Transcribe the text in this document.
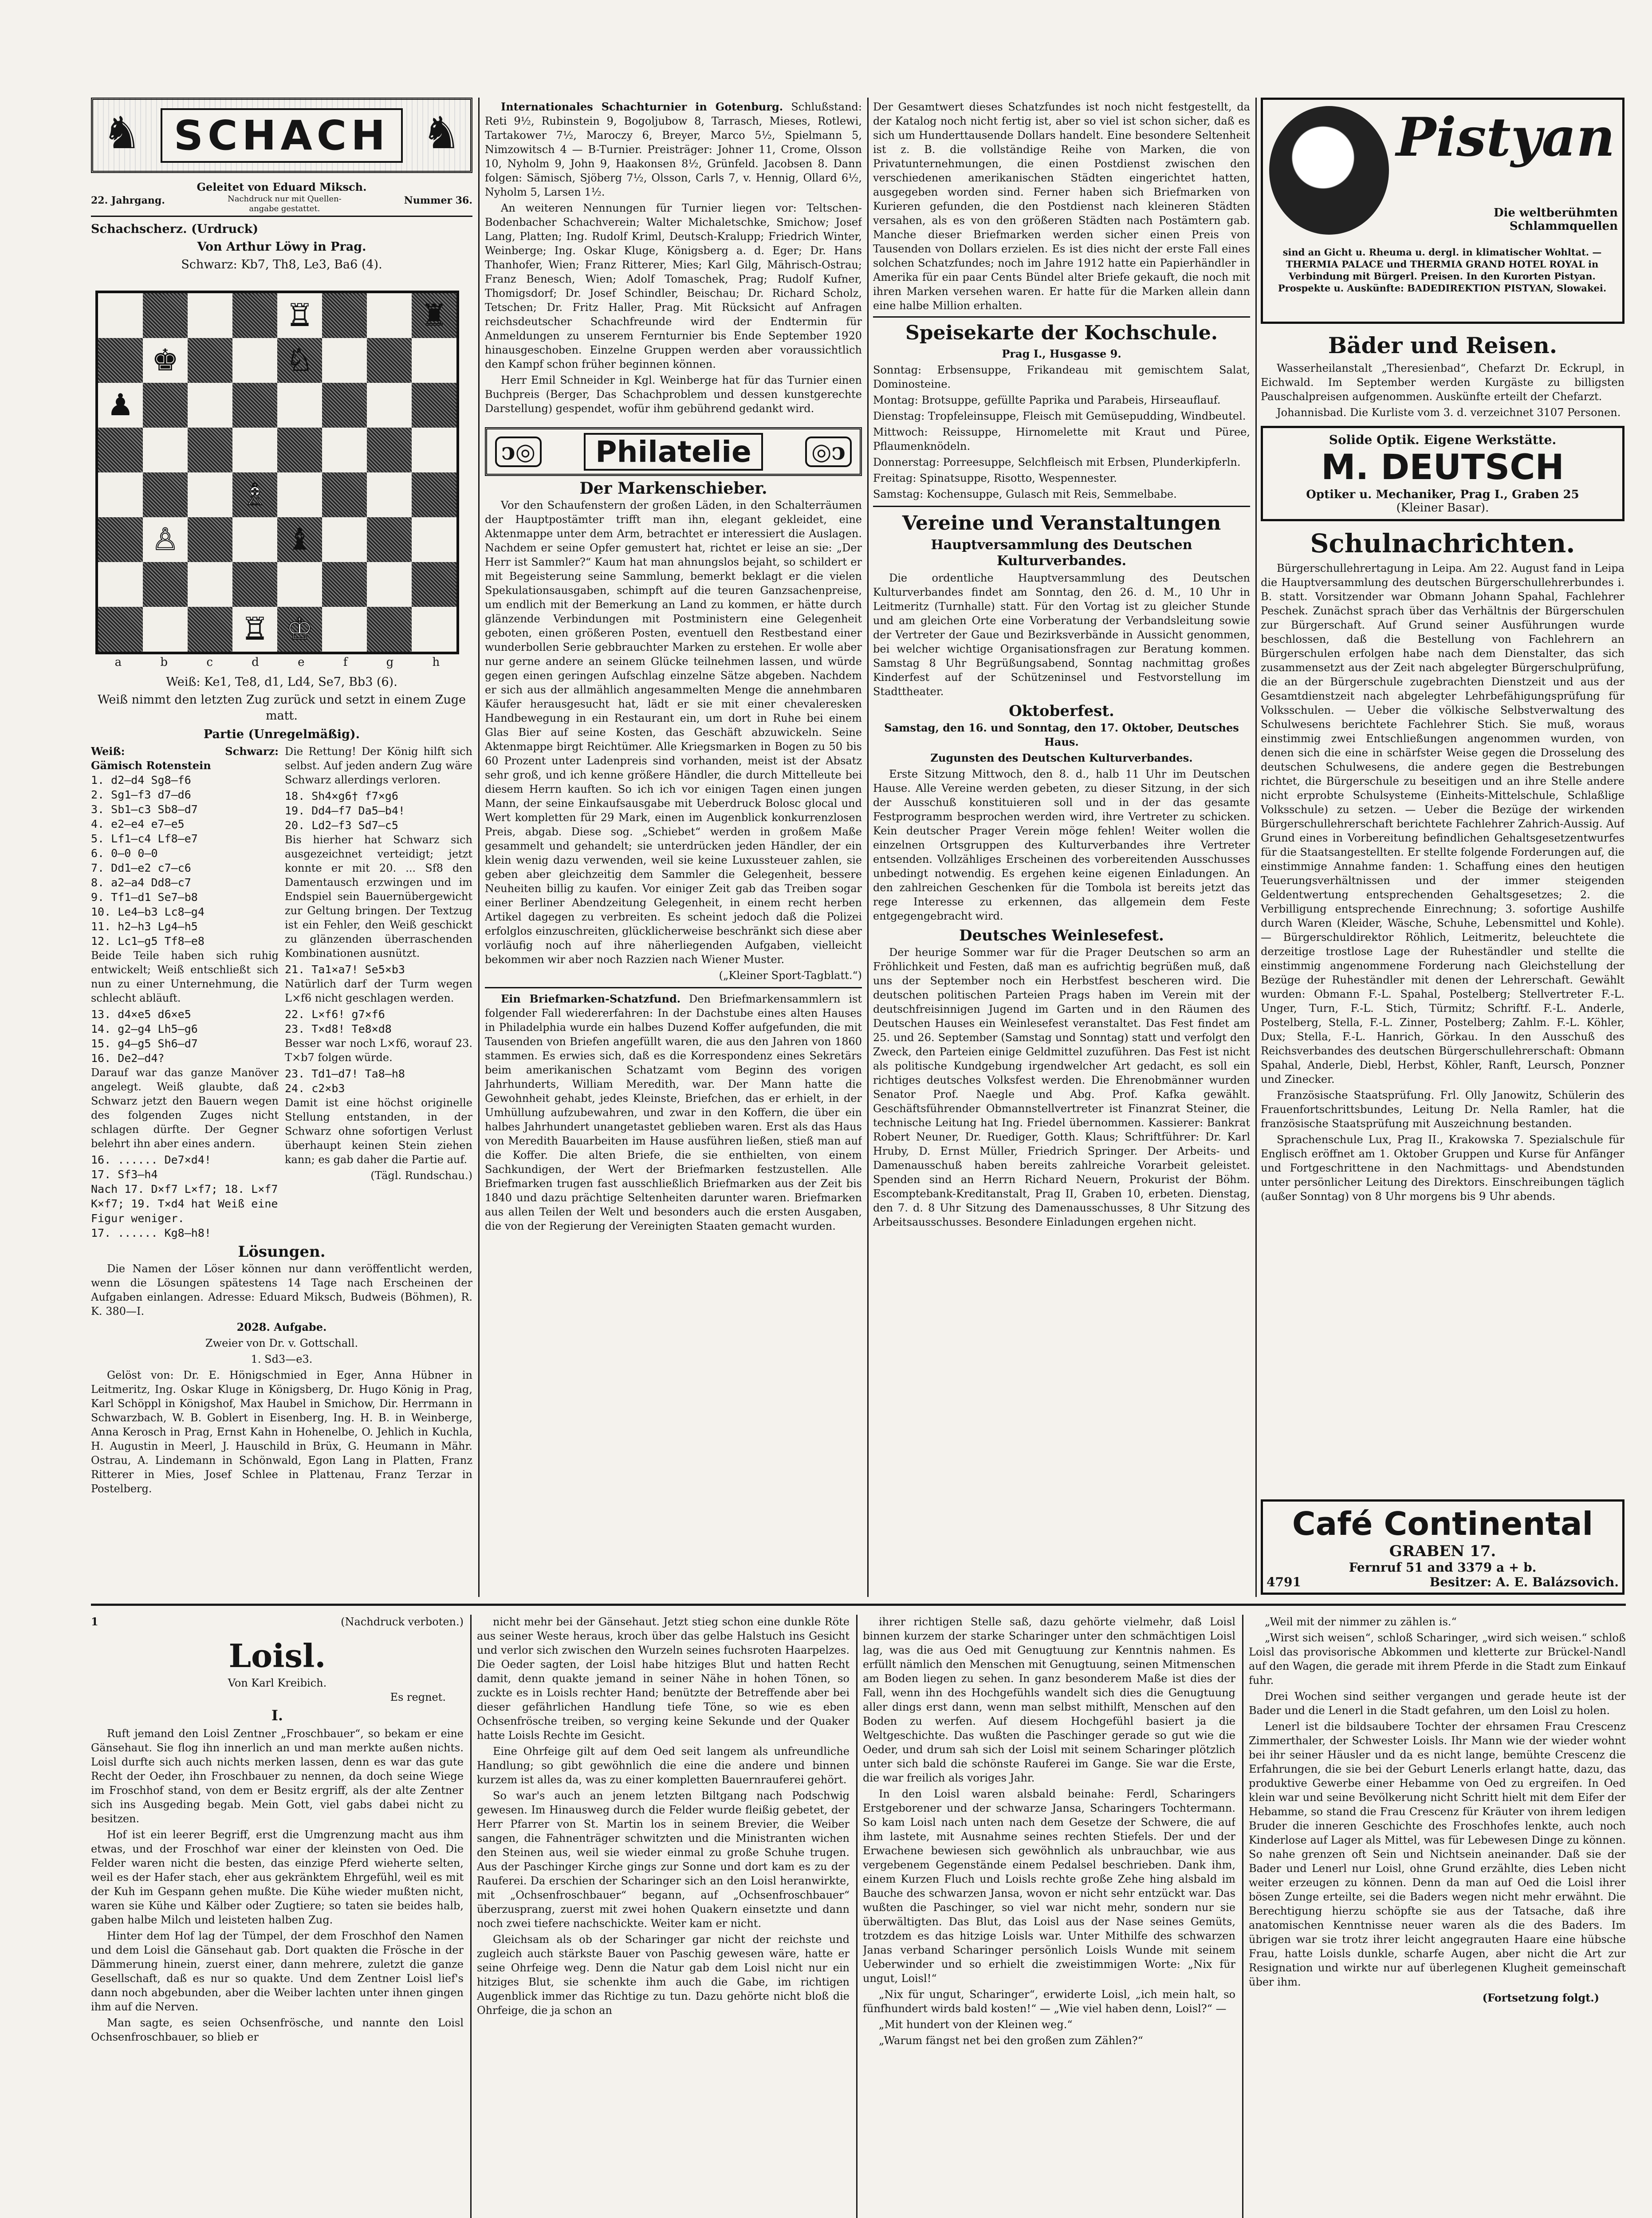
♞ SCHACH ♞
Geleitet von Eduard Miksch.
22. Jahrgang.	Nachdruck nur mit Quellen-angabe gestattet.
Nummer 36.
Schachscherz. (Urdruck)
Von Arthur Löwy in Prag.
Schwarz: Kb7, Th8, Le3, Ba6 (4).
♖	♜
♚	♘
♟
♗
♙	♝
♖ ♔
a	b	c	d	e	f	g	h
Weiß: Ke1, Te8, d1, Ld4, Se7, Bb3 (6).
Weiß nimmt den letzten Zug zurück und setzt in einem Zuge matt.
Partie (Unregelmäßig).
Weiß:	Schwarz:
Gämisch Rotenstein
1. d2—d4 Sg8—f6
2. Sg1—f3 d7—d6
3. Sb1—c3 Sb8—d7
4. e2—e4 e7—e5
5. Lf1—c4 Lf8—e7
6. 0—0 0—0
7. Dd1—e2 c7—c6
8. a2—a4 Dd8—c7
9. Tf1—d1 Se7—b8
10. Le4—b3 Lc8—g4
11. h2—h3 Lg4—h5
12. Lc1—g5 Tf8—e8
Beide Teile haben sich ruhig entwickelt; Weiß entschließt sich nun zu einer Unternehmung, die schlecht abläuft.
13. d4×e5 d6×e5
14. g2—g4 Lh5—g6
15. g4—g5 Sh6—d7
16. De2—d4?
Darauf war das ganze Manöver angelegt. Weiß glaubte, daß Schwarz jetzt den Bauern wegen des folgenden Zuges nicht schlagen dürfte. Der Gegner belehrt ihn aber eines andern.
16. ...... De7×d4!
17. Sf3—h4
Nach 17. D×f7 L×f7; 18. L×f7 K×f7; 19. T×d4 hat Weiß eine Figur weniger.
17. ...... Kg8—h8!
Die Rettung! Der König hilft sich selbst. Auf jeden andern Zug wäre Schwarz allerdings verloren.
18. Sh4×g6† f7×g6
19. Dd4—f7 Da5—b4!
20. Ld2—f3 Sd7—c5
Bis hierher hat Schwarz sich ausgezeichnet verteidigt; jetzt konnte er mit 20. ... Sf8 den Damentausch erzwingen und im Endspiel sein Bauernübergewicht zur Geltung bringen. Der Textzug ist ein Fehler, den Weiß geschickt zu glänzenden überraschenden Kombinationen ausnützt.
21. Ta1×a7! Se5×b3
Natürlich darf der Turm wegen L×f6 nicht geschlagen werden.
22. L×f6! g7×f6
23. T×d8! Te8×d8
Besser war noch L×f6, worauf 23. T×b7 folgen würde.
23. Td1—d7! Ta8—h8
24. c2×b3
Damit ist eine höchst originelle Stellung entstanden, in der Schwarz ohne sofortigen Verlust überhaupt keinen Stein ziehen kann; es gab daher die Partie auf.
(Tägl. Rundschau.)
Lösungen.
Die Namen der Löser können nur dann veröffentlicht werden, wenn die Lösungen spätestens 14 Tage nach Erscheinen der Aufgaben einlangen. Adresse: Eduard Miksch, Budweis (Böhmen), R. K. 380—I.
2028. Aufgabe.
Zweier von Dr. v. Gottschall.
1. Sd3—e3.
Gelöst von: Dr. E. Hönigschmied in Eger, Anna Hübner in Leitmeritz, Ing. Oskar Kluge in Königsberg, Dr. Hugo König in Prag, Karl Schöppl in Königshof, Max Haubel in Smichow, Dir. Herrmann in Schwarzbach, W. B. Goblert in Eisenberg, Ing. H. B. in Weinberge, Anna Kerosch in Prag, Ernst Kahn in Hohenelbe, O. Jehlich in Kuchla, H. Augustin in Meerl, J. Hauschild in Brüx, G. Heumann in Mähr. Ostrau, A. Lindemann in Schönwald, Egon Lang in Platten, Franz Ritterer in Mies, Josef Schlee in Plattenau, Franz Terzar in Postelberg.
Internationales Schachturnier in Gotenburg. Schlußstand: Reti 9½, Rubinstein 9, Bogoljubow 8, Tarrasch, Mieses, Rotlewi, Tartakower 7½, Maroczy 6, Breyer, Marco 5½, Spielmann 5, Nimzowitsch 4 — B-Turnier. Preisträger: Johner 11, Crome, Olsson 10, Nyholm 9, John 9, Haakonsen 8½, Grünfeld. Jacobsen 8. Dann folgen: Sämisch, Sjöberg 7½, Olsson, Carls 7, v. Hennig, Ollard 6½, Nyholm 5, Larsen 1½.
An weiteren Nennungen für Turnier liegen vor: Teltschen-Bodenbacher Schachverein; Walter Michaletschke, Smichow; Josef Lang, Platten; Ing. Rudolf Kriml, Deutsch-Kralupp; Friedrich Winter, Weinberge; Ing. Oskar Kluge, Königsberg a. d. Eger; Dr. Hans Thanhofer, Wien; Franz Ritterer, Mies; Karl Gilg, Mährisch-Ostrau; Franz Benesch, Wien; Adolf Tomaschek, Prag; Rudolf Kufner, Thomigsdorf; Dr. Josef Schindler, Beischau; Dr. Richard Scholz, Tetschen; Dr. Fritz Haller, Prag. Mit Rücksicht auf Anfragen reichsdeutscher Schachfreunde wird der Endtermin für Anmeldungen zu unserem Fernturnier bis Ende September 1920 hinausgeschoben. Einzelne Gruppen werden aber voraussichtlich den Kampf schon früher beginnen können.
Herr Emil Schneider in Kgl. Weinberge hat für das Turnier einen Buchpreis (Berger, Das Schachproblem und dessen kunstgerechte Darstellung) gespendet, wofür ihm gebührend gedankt wird.
ↄ◎	Philatelie	◎ↄ
Der Markenschieber.
Vor den Schaufenstern der großen Läden, in den Schalterräumen der Hauptpostämter trifft man ihn, elegant gekleidet, eine Aktenmappe unter dem Arm, betrachtet er interessiert die Auslagen. Nachdem er seine Opfer gemustert hat, richtet er leise an sie: „Der Herr ist Sammler?“ Kaum hat man ahnungslos bejaht, so schildert er mit Begeisterung seine Sammlung, bemerkt beklagt er die vielen Spekulationsausgaben, schimpft auf die teuren Ganzsachenpreise, um endlich mit der Bemerkung an Land zu kommen, er hätte durch glänzende Verbindungen mit Postministern eine Gelegenheit geboten, einen größeren Posten, eventuell den Restbestand einer wunderbollen Serie gebbrauchter Marken zu erstehen. Er wolle aber nur gerne andere an seinem Glücke teilnehmen lassen, und würde gegen einen geringen Aufschlag einzelne Sätze abgeben. Nachdem er sich aus der allmählich angesammelten Menge die annehmbaren Käufer herausgesucht hat, lädt er sie mit einer chevaleresken Handbewegung in ein Restaurant ein, um dort in Ruhe bei einem Glas Bier auf seine Kosten, das Geschäft abzuwickeln. Seine Aktenmappe birgt Reichtümer. Alle Kriegsmarken in Bogen zu 50 bis 60 Prozent unter Ladenpreis sind vorhanden, meist ist der Absatz sehr groß, und ich kenne größere Händler, die durch Mittelleute bei diesem Herrn kauften. So ich ich vor einigen Tagen einen jungen Mann, der seine Einkaufsausgabe mit Ueberdruck Bolosc glocal und Wert kompletten für 29 Mark, einen im Augenblick konkurrenzlosen Preis, abgab. Diese sog. „Schiebet“ werden in großem Maße gesammelt und gehandelt; sie unterdrücken jeden Händler, der ein klein wenig dazu verwenden, weil sie keine Luxussteuer zahlen, sie geben aber gleichzeitig dem Sammler die Gelegenheit, bessere Neuheiten billig zu kaufen. Vor einiger Zeit gab das Treiben sogar einer Berliner Abendzeitung Gelegenheit, in einem recht herben Artikel dagegen zu verbreiten. Es scheint jedoch daß die Polizei erfolglos einzuschreiten, glücklicherweise beschränkt sich diese aber vorläufig noch auf ihre näherliegenden Aufgaben, vielleicht bekommen wir aber noch Razzien nach Wiener Muster.
(„Kleiner Sport-Tagblatt.“)
Ein Briefmarken-Schatzfund. Den Briefmarkensammlern ist folgender Fall wiedererfahren: In der Dachstube eines alten Hauses in Philadelphia wurde ein halbes Duzend Koffer aufgefunden, die mit Tausenden von Briefen angefüllt waren, die aus den Jahren von 1860 stammen. Es erwies sich, daß es die Korrespondenz eines Sekretärs beim amerikanischen Schatzamt vom Beginn des vorigen Jahrhunderts, William Meredith, war. Der Mann hatte die Gewohnheit gehabt, jedes Kleinste, Briefchen, das er erhielt, in der Umhüllung aufzubewahren, und zwar in den Koffern, die über ein halbes Jahrhundert unangetastet geblieben waren. Erst als das Haus von Meredith Bauarbeiten im Hause ausführen ließen, stieß man auf die Koffer. Die alten Briefe, die sie enthielten, von einem Sachkundigen, der Wert der Briefmarken festzustellen. Alle Briefmarken trugen fast ausschließlich Briefmarken aus der Zeit bis 1840 und dazu prächtige Seltenheiten darunter waren. Briefmarken aus allen Teilen der Welt und besonders auch die ersten Ausgaben, die von der Regierung der Vereinigten Staaten gemacht wurden.
Der Gesamtwert dieses Schatzfundes ist noch nicht festgestellt, da der Katalog noch nicht fertig ist, aber so viel ist schon sicher, daß es sich um Hunderttausende Dollars handelt. Eine besondere Seltenheit ist z. B. die vollständige Reihe von Marken, die von Privatunternehmungen, die einen Postdienst zwischen den verschiedenen amerikanischen Städten eingerichtet hatten, ausgegeben worden sind. Ferner haben sich Briefmarken von Kurieren gefunden, die den Postdienst nach kleineren Städten versahen, als es von den größeren Städten nach Postämtern gab. Manche dieser Briefmarken werden sicher einen Preis von Tausenden von Dollars erzielen. Es ist dies nicht der erste Fall eines solchen Schatzfundes; noch im Jahre 1912 hatte ein Papierhändler in Amerika für ein paar Cents Bündel alter Briefe gekauft, die noch mit ihren Marken versehen waren. Er hatte für die Marken allein dann eine halbe Million erhalten.
Speisekarte der Kochschule.
Prag I., Husgasse 9.
Sonntag: Erbsensuppe, Frikandeau mit gemischtem Salat, Dominosteine.
Montag: Brotsuppe, gefüllte Paprika und Parabeis, Hirseauflauf.
Dienstag: Tropfeleinsuppe, Fleisch mit Gemüsepudding, Windbeutel.
Mittwoch: Reissuppe, Hirnomelette mit Kraut und Püree, Pflaumenknödeln.
Donnerstag: Porreesuppe, Selchfleisch mit Erbsen, Plunderkipferln.
Freitag: Spinatsuppe, Risotto, Wespennester.
Samstag: Kochensuppe, Gulasch mit Reis, Semmelbabe.
Vereine und Veranstaltungen
Hauptversammlung des Deutschen Kulturverbandes.
Die ordentliche Hauptversammlung des Deutschen Kulturverbandes findet am Sonntag, den 26. d. M., 10 Uhr in Leitmeritz (Turnhalle) statt. Für den Vortag ist zu gleicher Stunde und am gleichen Orte eine Vorberatung der Verbandsleitung sowie der Vertreter der Gaue und Bezirksverbände in Aussicht genommen, bei welcher wichtige Organisationsfragen zur Beratung kommen. Samstag 8 Uhr Begrüßungsabend, Sonntag nachmittag großes Kinderfest auf der Schützeninsel und Festvorstellung im Stadttheater.
Oktoberfest.
Samstag, den 16. und Sonntag, den 17. Oktober, Deutsches Haus.
Zugunsten des Deutschen Kulturverbandes.
Erste Sitzung Mittwoch, den 8. d., halb 11 Uhr im Deutschen Hause. Alle Vereine werden gebeten, zu dieser Sitzung, in der sich der Ausschuß konstituieren soll und in der das gesamte Festprogramm besprochen werden wird, ihre Vertreter zu schicken. Kein deutscher Prager Verein möge fehlen! Weiter wollen die einzelnen Ortsgruppen des Kulturverbandes ihre Vertreter entsenden. Vollzähliges Erscheinen des vorbereitenden Ausschusses unbedingt notwendig. Es ergehen keine eigenen Einladungen. An den zahlreichen Geschenken für die Tombola ist bereits jetzt das rege Interesse zu erkennen, das allgemein dem Feste entgegengebracht wird.
Deutsches Weinlesefest.
Der heurige Sommer war für die Prager Deutschen so arm an Fröhlichkeit und Festen, daß man es aufrichtig begrüßen muß, daß uns der September noch ein Herbstfest bescheren wird. Die deutschen politischen Parteien Prags haben im Verein mit der deutschfreisinnigen Jugend im Garten und in den Räumen des Deutschen Hauses ein Weinlesefest veranstaltet. Das Fest findet am 25. und 26. September (Samstag und Sonntag) statt und verfolgt den Zweck, den Parteien einige Geldmittel zuzuführen. Das Fest ist nicht als politische Kundgebung irgendwelcher Art gedacht, es soll ein richtiges deutsches Volksfest werden. Die Ehrenobmänner wurden Senator Prof. Naegle und Abg. Prof. Kafka gewählt. Geschäftsführender Obmannstellvertreter ist Finanzrat Steiner, die technische Leitung hat Ing. Friedel übernommen. Kassierer: Bankrat Robert Neuner, Dr. Ruediger, Gotth. Klaus; Schriftführer: Dr. Karl Hruby, D. Ernst Müller, Friedrich Springer. Der Arbeits- und Damenausschuß haben bereits zahlreiche Vorarbeit geleistet. Spenden sind an Herrn Richard Neuern, Prokurist der Böhm. Escomptebank-Kreditanstalt, Prag II, Graben 10, erbeten. Dienstag, den 7. d. 8 Uhr Sitzung des Damenausschusses, 8 Uhr Sitzung des Arbeitsausschusses. Besondere Einladungen ergehen nicht.
Pistyan
Die weltberühmten Schlammquellen
sind an Gicht u. Rheuma u. dergl. in klimatischer Wohltat. — THERMIA PALACE und THERMIA GRAND HOTEL ROYAL in Verbindung mit Bürgerl. Preisen. In den Kurorten Pistyan. Prospekte u. Auskünfte: BADEDIREKTION PISTYAN, Slowakei.
Bäder und Reisen.
Wasserheilanstalt „Theresienbad“, Chefarzt Dr. Eckrupl, in Eichwald. Im September werden Kurgäste zu billigsten Pauschalpreisen aufgenommen. Auskünfte erteilt der Chefarzt.
Johannisbad. Die Kurliste vom 3. d. verzeichnet 3107 Personen.
Solide Optik. Eigene Werkstätte.
M. DEUTSCH
Optiker u. Mechaniker, Prag I., Graben 25
(Kleiner Basar).
Schulnachrichten.
Bürgerschullehrertagung in Leipa. Am 22. August fand in Leipa die Hauptversammlung des deutschen Bürgerschullehrerbundes i. B. statt. Vorsitzender war Obmann Johann Spahal, Fachlehrer Peschek. Zunächst sprach über das Verhältnis der Bürgerschulen zur Bürgerschaft. Auf Grund seiner Ausführungen wurde beschlossen, daß die Bestellung von Fachlehrern an Bürgerschulen erfolgen habe nach dem Dienstalter, das sich zusammensetzt aus der Zeit nach abgelegter Bürgerschulprüfung, die an der Bürgerschule zugebrachten Dienstzeit und aus der Gesamtdienstzeit nach abgelegter Lehrbefähigungsprüfung für Volksschulen. — Ueber die völkische Selbstverwaltung des Schulwesens berichtete Fachlehrer Stich. Sie muß, woraus einstimmig zwei Entschließungen angenommen wurden, von denen sich die eine in schärfster Weise gegen die Drosselung des deutschen Schulwesens, die andere gegen die Bestrebungen richtet, die Bürgerschule zu beseitigen und an ihre Stelle andere nicht erprobte Schulsysteme (Einheits-Mittelschule, Schlaßlige Volksschule) zu setzen. — Ueber die Bezüge der wirkenden Bürgerschullehrerschaft berichtete Fachlehrer Zahrich-Aussig. Auf Grund eines in Vorbereitung befindlichen Gehaltsgesetzentwurfes für die Staatsangestellten. Er stellte folgende Forderungen auf, die einstimmige Annahme fanden: 1. Schaffung eines den heutigen Teuerungsverhältnissen und der immer steigenden Geldentwertung entsprechenden Gehaltsgesetzes; 2. die Verbilligung entsprechende Einrechnung; 3. sofortige Aushilfe durch Waren (Kleider, Wäsche, Schuhe, Lebensmittel und Kohle). — Bürgerschuldirektor Röhlich, Leitmeritz, beleuchtete die derzeitige trostlose Lage der Ruheständler und stellte die einstimmig angenommene Forderung nach Gleichstellung der Bezüge der Ruheständler mit denen der Lehrerschaft. Gewählt wurden: Obmann F.-L. Spahal, Postelberg; Stellvertreter F.-L. Unger, Turn, F.-L. Stich, Türmitz; Schriftf. F.-L. Anderle, Postelberg, Stella, F.-L. Zinner, Postelberg; Zahlm. F.-L. Köhler, Dux; Stella, F.-L. Hanrich, Görkau. In den Ausschuß des Reichsverbandes des deutschen Bürgerschullehrerschaft: Obmann Spahal, Anderle, Diebl, Herbst, Köhler, Ranft, Leursch, Ponzner und Zinecker.
Französische Staatsprüfung. Frl. Olly Janowitz, Schülerin des Frauenfortschrittsbundes, Leitung Dr. Nella Ramler, hat die französische Staatsprüfung mit Auszeichnung bestanden.
Sprachenschule Lux, Prag II., Krakowska 7. Spezialschule für Englisch eröffnet am 1. Oktober Gruppen und Kurse für Anfänger und Fortgeschrittene in den Nachmittags- und Abendstunden unter persönlicher Leitung des Direktors. Einschreibungen täglich (außer Sonntag) von 8 Uhr morgens bis 9 Uhr abends.
Café Continental
GRABEN 17.
Fernruf 51 and 3379 a + b.
4791	Besitzer: A. E. Balázsovich.
1	(Nachdruck verboten.)
Loisl.
Von Karl Kreibich.
Es regnet.
I.
Ruft jemand den Loisl Zentner „Froschbauer“, so bekam er eine Gänsehaut. Sie flog ihn innerlich an und man merkte außen nichts. Loisl durfte sich auch nichts merken lassen, denn es war das gute Recht der Oeder, ihn Froschbauer zu nennen, da doch seine Wiege im Froschhof stand, von dem er Besitz ergriff, als der alte Zentner sich ins Ausgeding begab. Mein Gott, viel gabs dabei nicht zu besitzen.
Hof ist ein leerer Begriff, erst die Umgrenzung macht aus ihm etwas, und der Froschhof war einer der kleinsten von Oed. Die Felder waren nicht die besten, das einzige Pferd wieherte selten, weil es der Hafer stach, eher aus gekränktem Ehrgefühl, weil es mit der Kuh im Gespann gehen mußte. Die Kühe wieder mußten nicht, waren sie Kühe und Kälber oder Zugtiere; so taten sie beides halb, gaben halbe Milch und leisteten halben Zug.
Hinter dem Hof lag der Tümpel, der dem Froschhof den Namen und dem Loisl die Gänsehaut gab. Dort quakten die Frösche in der Dämmerung hinein, zuerst einer, dann mehrere, zuletzt die ganze Gesellschaft, daß es nur so quakte. Und dem Zentner Loisl lief's dann noch abgebunden, aber die Weiber lachten unter ihnen gingen ihm auf die Nerven.
Man sagte, es seien Ochsenfrösche, und nannte den Loisl Ochsenfroschbauer, so blieb er
nicht mehr bei der Gänsehaut. Jetzt stieg schon eine dunkle Röte aus seiner Weste heraus, kroch über das gelbe Halstuch ins Gesicht und verlor sich zwischen den Wurzeln seines fuchsroten Haarpelzes. Die Oeder sagten, der Loisl habe hitziges Blut und hatten Recht damit, denn quakte jemand in seiner Nähe in hohen Tönen, so zuckte es in Loisls rechter Hand; benützte der Betreffende aber bei dieser gefährlichen Handlung tiefe Töne, so wie es eben Ochsenfrösche treiben, so verging keine Sekunde und der Quaker hatte Loisls Rechte im Gesicht.
Eine Ohrfeige gilt auf dem Oed seit langem als unfreundliche Handlung; so gibt gewöhnlich die eine die andere und binnen kurzem ist alles da, was zu einer kompletten Bauernrauferei gehört.
So war's auch an jenem letzten Biltgang nach Podschwig gewesen. Im Hinausweg durch die Felder wurde fleißig gebetet, der Herr Pfarrer von St. Martin los in seinem Brevier, die Weiber sangen, die Fahnenträger schwitzten und die Ministranten wichen den Steinen aus, weil sie wieder einmal zu große Schuhe trugen. Aus der Paschinger Kirche gings zur Sonne und dort kam es zu der Rauferei. Da erschien der Scharinger sich an den Loisl heranwirkte, mit „Ochsenfroschbauer“ begann, auf „Ochsenfroschbauer“ überzusprang, zuerst mit zwei hohen Quakern einsetzte und dann noch zwei tiefere nachschickte. Weiter kam er nicht.
Gleichsam als ob der Scharinger gar nicht der reichste und zugleich auch stärkste Bauer von Paschig gewesen wäre, hatte er seine Ohrfeige weg. Denn die Natur gab dem Loisl nicht nur ein hitziges Blut, sie schenkte ihm auch die Gabe, im richtigen Augenblick immer das Richtige zu tun. Dazu gehörte nicht bloß die Ohrfeige, die ja schon an
ihrer richtigen Stelle saß, dazu gehörte vielmehr, daß Loisl binnen kurzem der starke Scharinger unter den schmächtigen Loisl lag, was die aus Oed mit Genugtuung zur Kenntnis nahmen. Es erfüllt nämlich den Menschen mit Genugtuung, seinen Mitmenschen am Boden liegen zu sehen. In ganz besonderem Maße ist dies der Fall, wenn ihn des Hochgefühls wandelt sich dies die Genugtuung aller dings erst dann, wenn man selbst mithilft, Menschen auf den Boden zu werfen. Auf diesem Hochgefühl basiert ja die Weltgeschichte. Das wußten die Paschinger gerade so gut wie die Oeder, und drum sah sich der Loisl mit seinem Scharinger plötzlich unter sich bald die schönste Rauferei im Gange. Sie war die Erste, die war freilich als voriges Jahr.
In den Loisl waren alsbald beinahe: Ferdl, Scharingers Erstgeborener und der schwarze Jansa, Scharingers Tochtermann. So kam Loisl nach unten nach dem Gesetze der Schwere, die auf ihm lastete, mit Ausnahme seines rechten Stiefels. Der und der Erwachene bewiesen sich gewöhnlich als unbrauchbar, wie aus vergebenem Gegenstände einem Pedalsel beschrieben. Dank ihm, einem Kurzen Fluch und Loisls rechte große Zehe hing alsbald im Bauche des schwarzen Jansa, wovon er nicht sehr entzückt war. Das wußten die Paschinger, so viel war nicht mehr, sondern nur sie überwältigten. Das Blut, das Loisl aus der Nase seines Gemüts, trotzdem es das hitzige Loisls war. Unter Mithilfe des schwarzen Janas verband Scharinger persönlich Loisls Wunde mit seinem Ueberwinder und so erhielt die zweistimmigen Worte: „Nix für ungut, Loisl!“
„Nix für ungut, Scharinger“, erwiderte Loisl, „ich mein halt, so fünfhundert wirds bald kosten!“ — „Wie viel haben denn, Loisl?“ —
„Mit hundert von der Kleinen weg.“
„Warum fängst net bei den großen zum Zählen?“
„Weil mit der nimmer zu zählen is.“
„Wirst sich weisen“, schloß Scharinger, „wird sich weisen.“ schloß Loisl das provisorische Abkommen und kletterte zur Brückel-Nandl auf den Wagen, die gerade mit ihrem Pferde in die Stadt zum Einkauf fuhr.
Drei Wochen sind seither vergangen und gerade heute ist der Bader und die Lenerl in die Stadt gefahren, um den Loisl zu holen.
Lenerl ist die bildsaubere Tochter der ehrsamen Frau Crescenz Zimmerthaler, der Schwester Loisls. Ihr Mann wie der wieder wohnt bei ihr seiner Häusler und da es nicht lange, bemühte Crescenz die Erfahrungen, die sie bei der Geburt Lenerls erlangt hatte, dazu, das produktive Gewerbe einer Hebamme von Oed zu ergreifen. In Oed klein war und seine Bevölkerung nicht Schritt hielt mit dem Eifer der Hebamme, so stand die Frau Crescenz für Kräuter von ihrem ledigen Bruder die inneren Geschichte des Froschhofes lenkte, auch noch Kinderlose auf Lager als Mittel, was für Lebewesen Dinge zu können. So nahe grenzen oft Sein und Nichtsein aneinander. Daß sie der Bader und Lenerl nur Loisl, ohne Grund erzählte, dies Leben nicht weiter erzeugen zu können. Denn da man auf Oed die Loisl ihrer bösen Zunge erteilte, sei die Baders wegen nicht mehr erwähnt. Die Berechtigung hierzu schöpfte sie aus der Tatsache, daß ihre anatomischen Kenntnisse neuer waren als die des Baders. Im übrigen war sie trotz ihrer leicht angegrauten Haare eine hübsche Frau, hatte Loisls dunkle, scharfe Augen, aber nicht die Art zur Resignation und wirkte nur auf überlegenen Klugheit gemeinschaft über ihm.
(Fortsetzung folgt.)
